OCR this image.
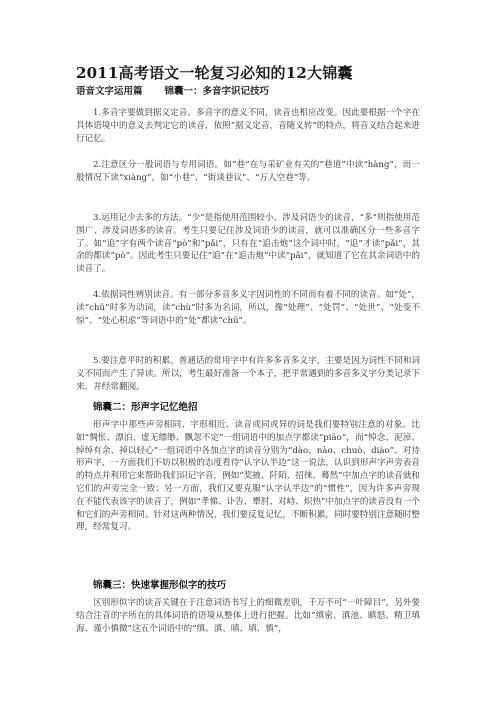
2011高考语文一轮复习必知的12大锦囊
语音文字运用篇 锦囊一：多音字识记技巧

1.多音字要做到据义定音。多音字的意义不同，读音也相应改变。因此要根据一个字在具体语境中的意义去判定它的读音，依照“据义定音，音随义转”的特点，将音义结合起来进行记忆。

2.注意区分一般词语与专用词语。如“巷”在与采矿业有关的“巷道”中读“hàng”，而一般情况下读“xiàng”，如“小巷”、“街谈巷议”、“万人空巷”等。

3.运用记少去多的方法。“少”是指使用范围较小、涉及词语少的读音，“多”则指使用范围广、涉及词语多的读音。考生只要记住涉及词语少的读音，就可以准确区分一些多音字了。如“追”字有两个读音“pò”和“pǎi”，只有在“追击炮”这个词中时，“追”才读“pǎi”，其余的都读“pò”。因此考生只要记住“追”在“追击炮”中读“pǎi”，就知道了它在其余词语中的读音了。

4.依据词性辨别读音。有一部分多音多义字因词性的不同而有着不同的读音。如“处”，读“chǔ”时多为动词，读“chù”时多为名词，所以，像“处理”、“处罚”、“处世”、“处变不惊”、“处心积虑”等词语中的“处”都读“chǔ”。

5.要注意平时的积累。普通话的常用字中有许多多音多义字，主要是因为词性不同和词义不同而产生了异读。所以，考生最好准备一个本子，把平常遇到的多音多义字分类记录下来，并经常翻阅。

锦囊二：形声字记忆绝招

形声字中那些声旁相同、字形相近、读音或同或异的词是我们要特别注意的对象。比如“惆怅、漂泊、虚无缥缈、飘忽不定”一组词语中的加点字都读“piāo”，而“悼念、泥淖、绰绰有余、掉以轻心”一组词语中各加点字的读音分别为“dào、nào、chuò、diào”。对待形声字，一方面我们不妨以积极的态度看待“认字认半边”这一说法，认识到形声字声旁表音的特点并利用它来帮助我们识记字音，例如“奖掖、阡陌、招徕、蓦然”中加点字的读音就和它们的声旁完全一致；另一方面，我们又要克服“认字认半边”的“惯性”，因为许多声旁现在不能代表该字的读音了，例如“孝悌、讣告、犟肘、对峙、炽热”中加点字的读音没有一个和它们的声旁相同。针对这两种情况，我们要反复记忆，不断积累，同时要特别注意随时整理，经常复习。

锦囊三：快速掌握形似字的技巧

区别形似字的读音关键在于注意词语书写上的细微差别，千万不可“一叶障目”，另外要结合注音的字所在的具体词语的语境从整体上进行把握。比如“缜密、滇池、瞋怒、精卫填海、谨小慎微”这五个词语中的“缜、滇、嗔、填、慎”，
